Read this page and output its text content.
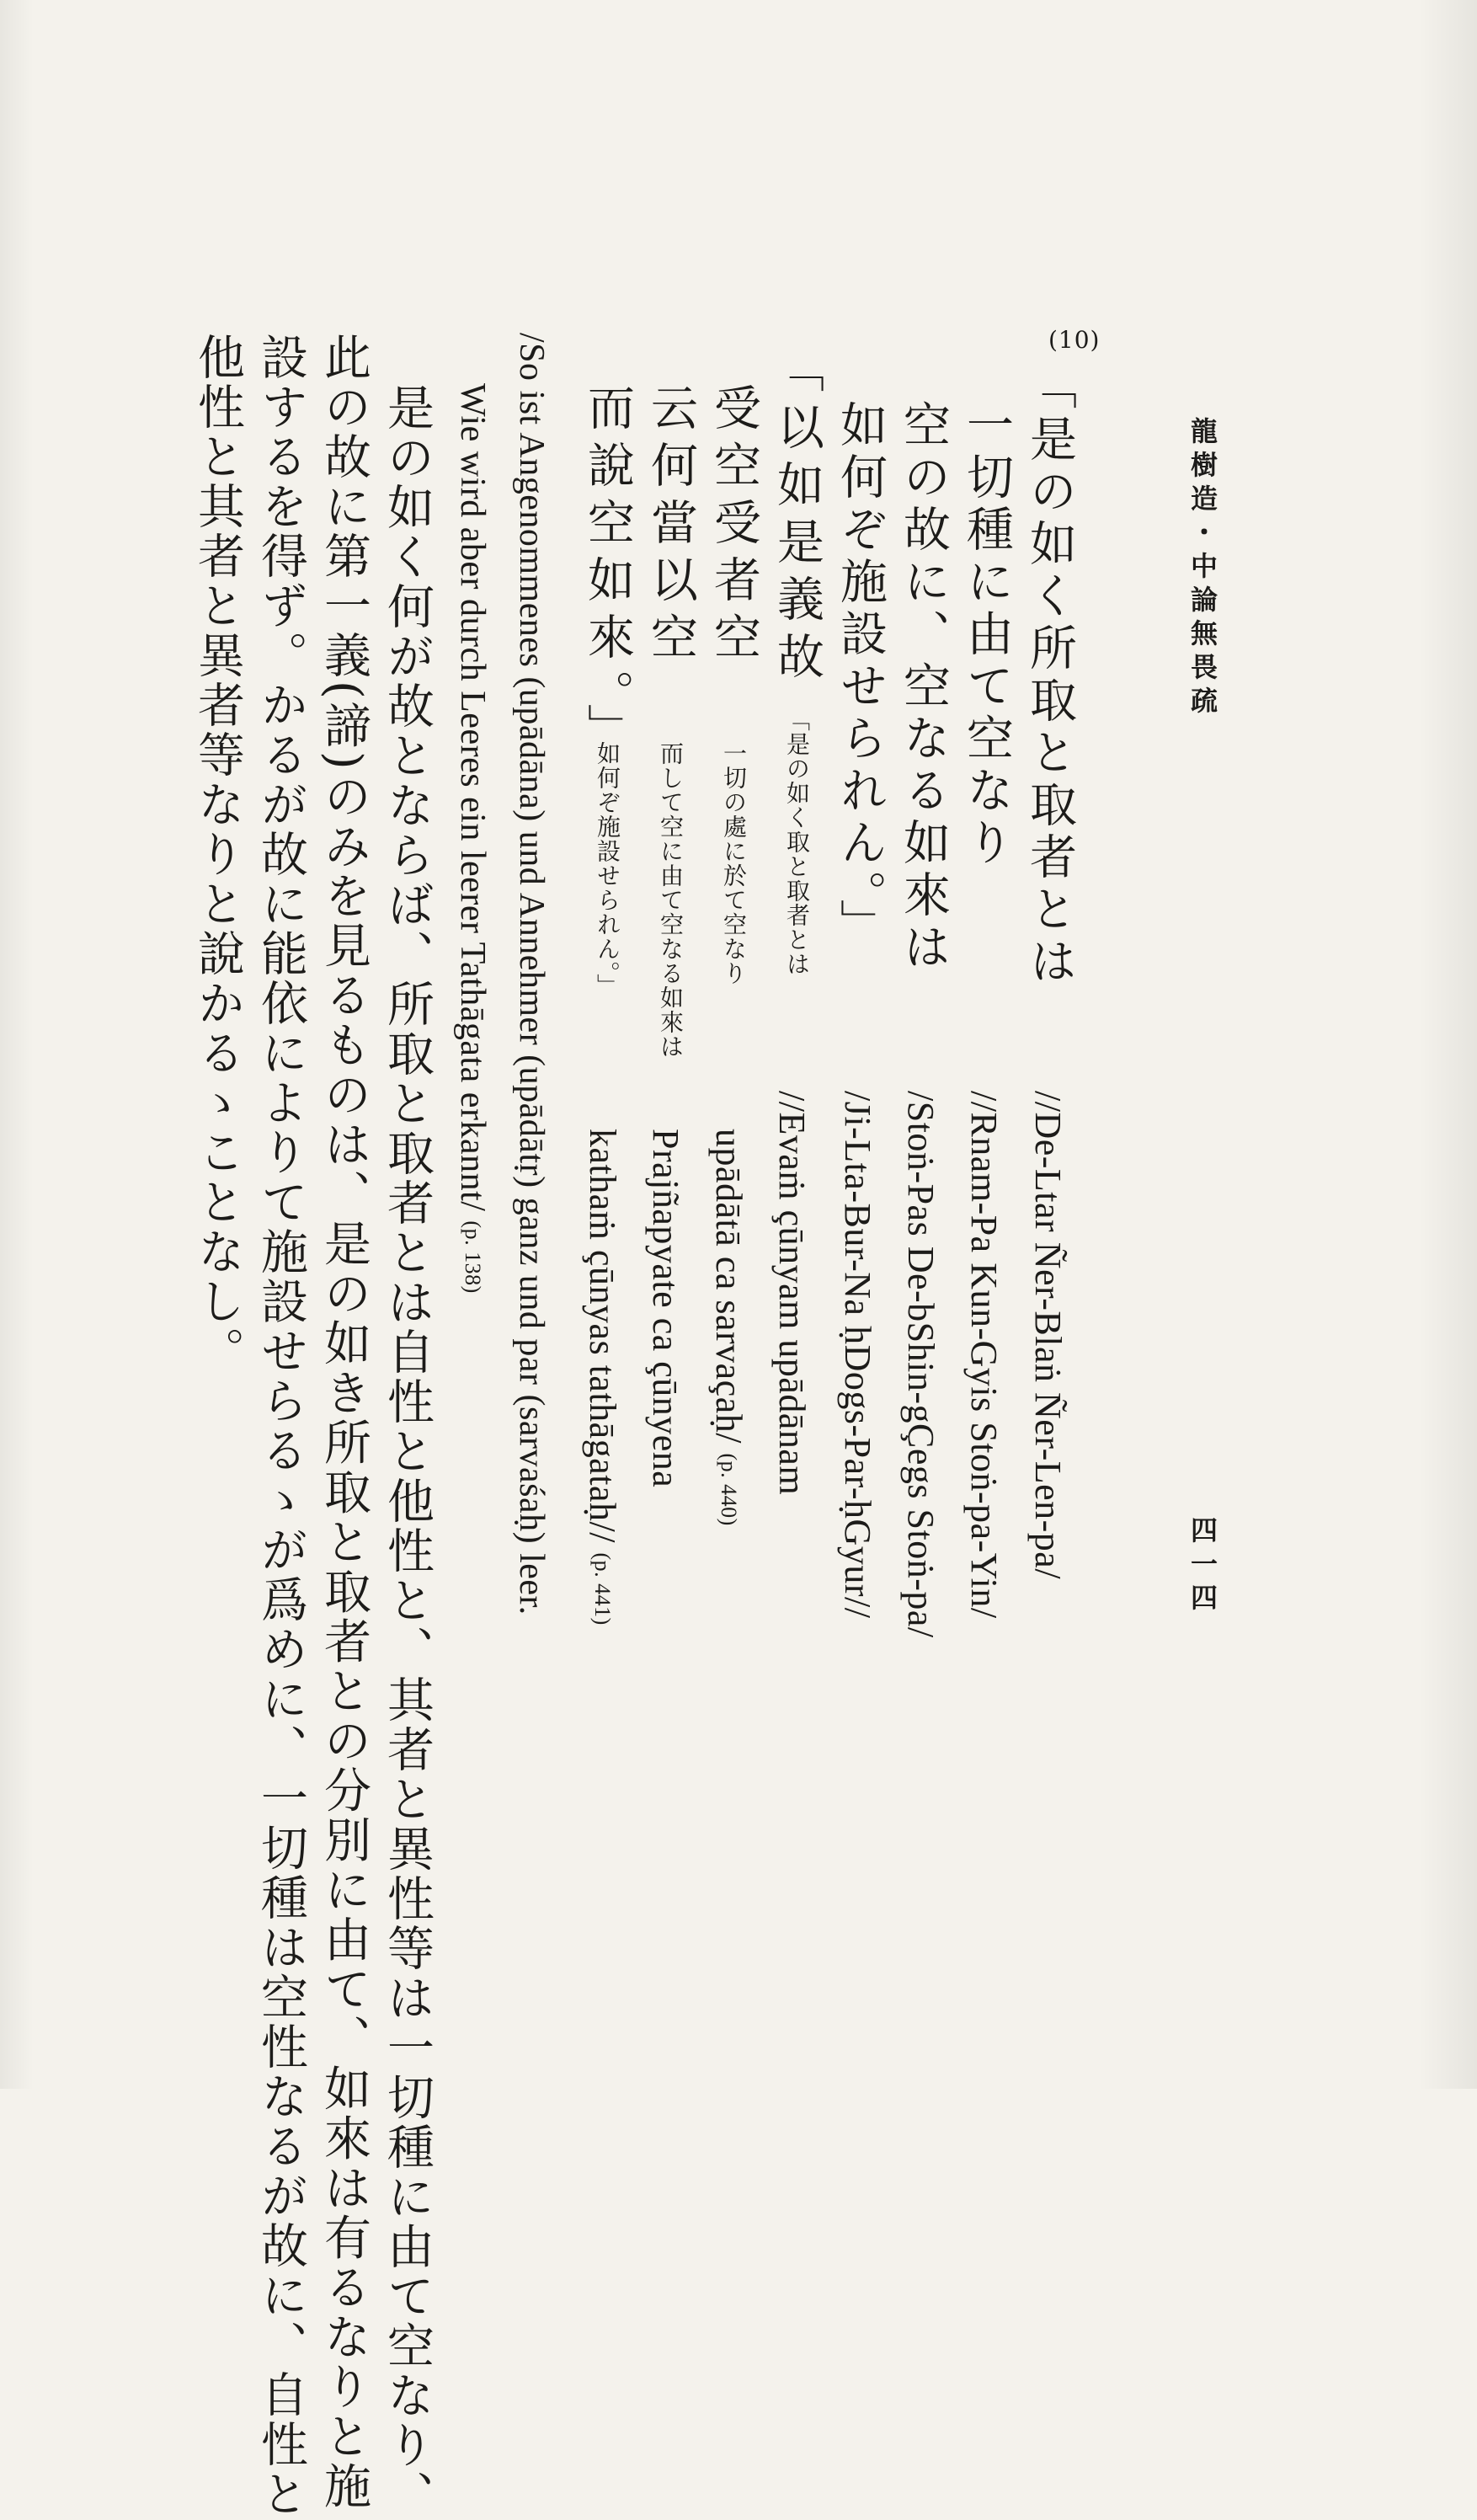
龍樹造・中論無畏疏
四一四
(10)
「是の如く所取と取者とは
一切種に由て空なり
空の故に、空なる如來は
如何ぞ施設せられん。」
//De-Ltar Ñer-Blaṅ Ñer-Len-pa/
//Rnam-Pa Kun-Gyis Stoṅ-pa-Yin/
/Stoṅ-Pas De-bShin-gÇegs Stoṅ-pa/
/Ji-Lta-Bur-Na ḥDogs-Par-ḥGyur//
「以如是義故
受空受者空
云何當以空
而說空如來。」
「是の如く取と取者とは
一切の處に於て空なり
而して空に由て空なる如來は
如何ぞ施設せられん。」
//Evaṁ çūnyam upādānam
upādātā ca sarvaçaḥ/ (p. 440)
Prajñapyate ca çūnyena
kathaṁ çūnyas tathāgataḥ// (p. 441)
/So ist Angenommenes (upādāna) und Annehmer (upādātṛ) ganz und par (sarvaśaḥ) leer.
Wie wird aber durch Leeres ein leerer Tathāgata erkannt/ (p. 138)
是の如く何が故とならば、所取と取者とは自性と他性と、其者と異性等は一切種に由て空なり、
此の故に第一義(諦)のみを見るものは、是の如き所取と取者との分別に由て、如來は有るなりと施
設するを得ず。かるが故に能依によりて施設せらるゝが爲めに、一切種は空性なるが故に、自性と
他性と其者と異者等なりと說かるゝことなし。
